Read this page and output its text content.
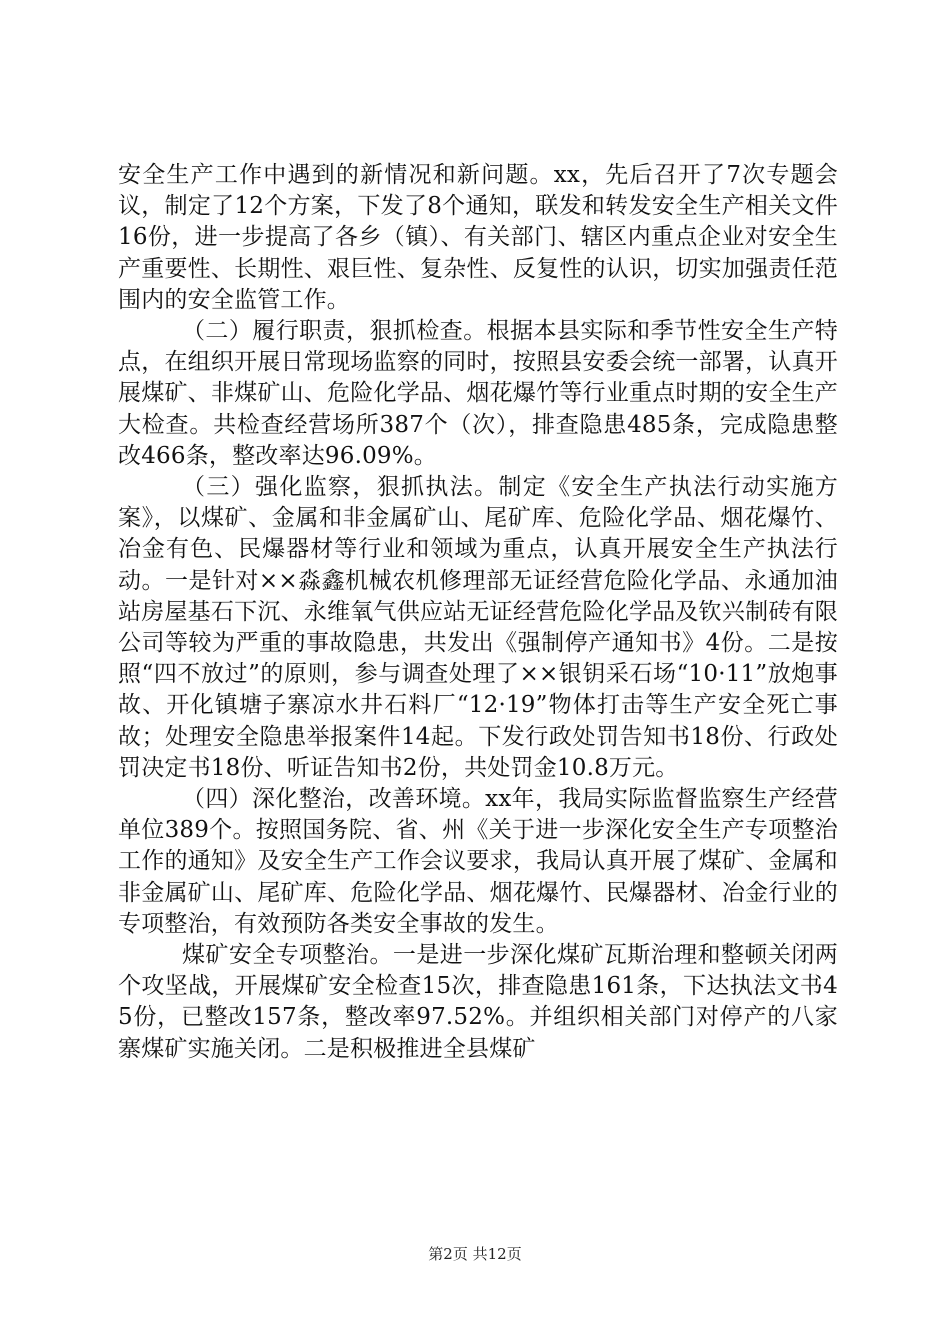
安全生产工作中遇到的新情况和新问题。xx，先后召开了7次专题会议，制定了12个方案，下发了8个通知，联发和转发安全生产相关文件16份，进一步提高了各乡（镇）、有关部门、辖区内重点企业对安全生产重要性、长期性、艰巨性、复杂性、反复性的认识，切实加强责任范围内的安全监管工作。

（二）履行职责，狠抓检查。根据本县实际和季节性安全生产特点，在组织开展日常现场监察的同时，按照县安委会统一部署，认真开展煤矿、非煤矿山、危险化学品、烟花爆竹等行业重点时期的安全生产大检查。共检查经营场所387个（次），排查隐患485条，完成隐患整改466条，整改率达96.09%。

（三）强化监察，狠抓执法。制定《安全生产执法行动实施方案》，以煤矿、金属和非金属矿山、尾矿库、危险化学品、烟花爆竹、冶金有色、民爆器材等行业和领域为重点，认真开展安全生产执法行动。一是针对××淼鑫机械农机修理部无证经营危险化学品、永通加油站房屋基石下沉、永维氧气供应站无证经营危险化学品及钦兴制砖有限公司等较为严重的事故隐患，共发出《强制停产通知书》4份。二是按照“四不放过”的原则，参与调查处理了××银钥采石场“10·11”放炮事故、开化镇塘子寨凉水井石料厂“12·19”物体打击等生产安全死亡事故；处理安全隐患举报案件14起。下发行政处罚告知书18份、行政处罚决定书18份、听证告知书2份，共处罚金10.8万元。

（四）深化整治，改善环境。xx年，我局实际监督监察生产经营单位389个。按照国务院、省、州《关于进一步深化安全生产专项整治工作的通知》及安全生产工作会议要求，我局认真开展了煤矿、金属和非金属矿山、尾矿库、危险化学品、烟花爆竹、民爆器材、冶金行业的专项整治，有效预防各类安全事故的发生。

煤矿安全专项整治。一是进一步深化煤矿瓦斯治理和整顿关闭两个攻坚战，开展煤矿安全检查15次，排查隐患161条，下达执法文书45份，已整改157条，整改率97.52%。并组织相关部门对停产的八家寨煤矿实施关闭。二是积极推进全县煤矿

第2页 共12页
